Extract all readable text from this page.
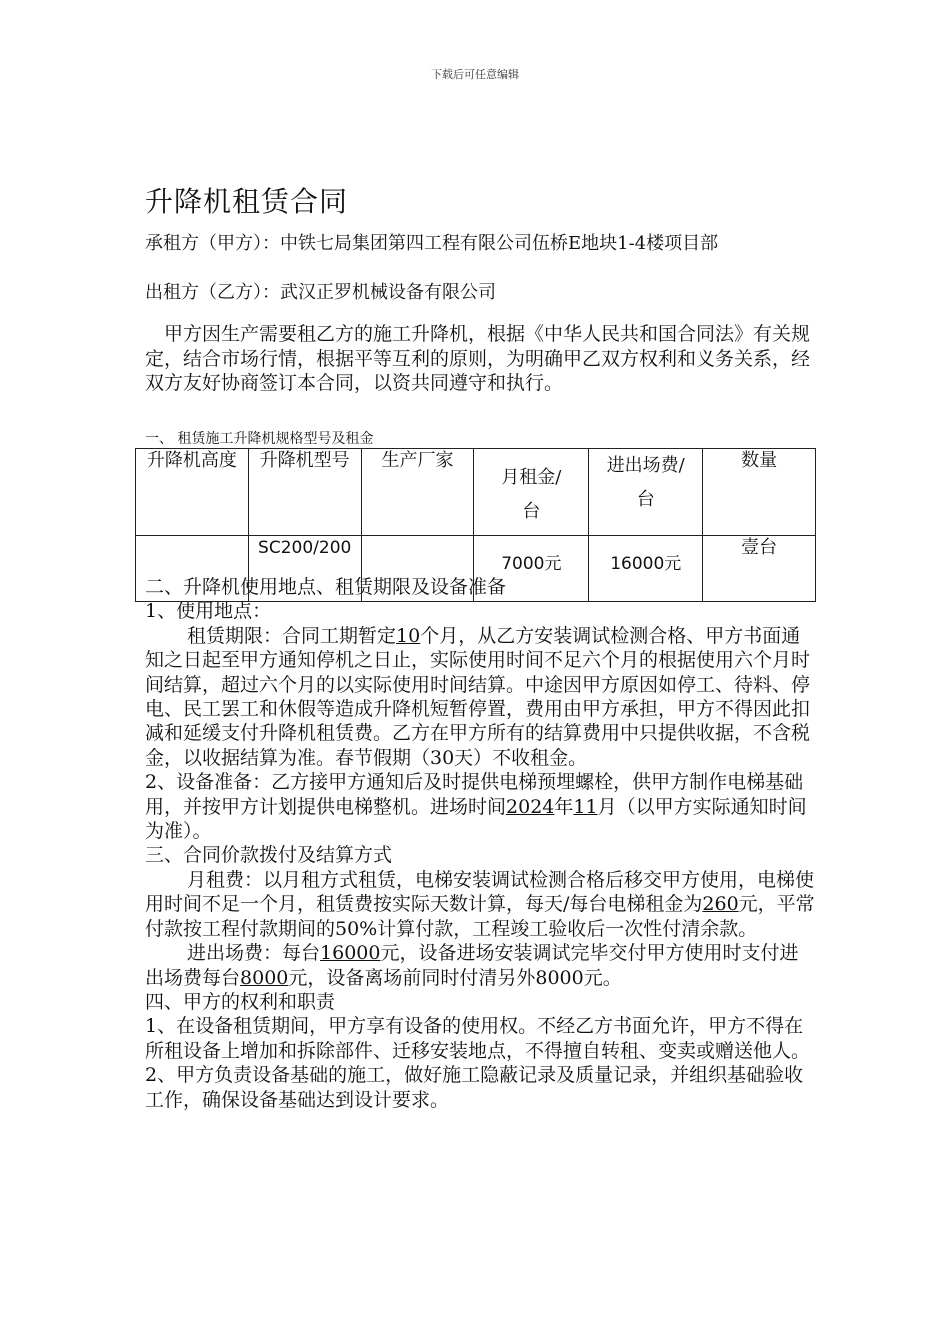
下载后可任意编辑
升降机租赁合同
承租方（甲方）：中铁七局集团第四工程有限公司伍桥E地块1-4楼项目部
出租方（乙方）：武汉正罗机械设备有限公司
甲方因生产需要租乙方的施工升降机，根据《中华人民共和国合同法》有关规定，结合市场行情，根据平等互利的原则，为明确甲乙双方权利和义务关系，经双方友好协商签订本合同，以资共同遵守和执行。
一、 租赁施工升降机规格型号及租金
升降机高度	升降机型号	生产厂家	月租金/台	进出场费/台	数量
	SC200/200		7000元	16000元	壹台

二、升降机使用地点、租赁期限及设备准备

1、使用地点：

租赁期限：合同工期暂定10个月，从乙方安装调试检测合格、甲方书面通知之日起至甲方通知停机之日止，实际使用时间不足六个月的根据使用六个月时间结算，超过六个月的以实际使用时间结算。中途因甲方原因如停工、待料、停电、民工罢工和休假等造成升降机短暂停置，费用由甲方承担，甲方不得因此扣减和延缓支付升降机租赁费。乙方在甲方所有的结算费用中只提供收据，不含税金，以收据结算为准。春节假期（30天）不收租金。

2、设备准备：乙方接甲方通知后及时提供电梯预埋螺栓，供甲方制作电梯基础用，并按甲方计划提供电梯整机。进场时间2024年11月（以甲方实际通知时间为准）。

三、合同价款拨付及结算方式

月租费：以月租方式租赁，电梯安装调试检测合格后移交甲方使用，电梯使用时间不足一个月，租赁费按实际天数计算，每天/每台电梯租金为260元，平常付款按工程付款期间的50%计算付款，工程竣工验收后一次性付清余款。

进出场费：每台16000元，设备进场安装调试完毕交付甲方使用时支付进出场费每台8000元，设备离场前同时付清另外8000元。

四、甲方的权利和职责

1、在设备租赁期间，甲方享有设备的使用权。不经乙方书面允许，甲方不得在所租设备上增加和拆除部件、迁移安装地点，不得擅自转租、变卖或赠送他人。

2、甲方负责设备基础的施工，做好施工隐蔽记录及质量记录，并组织基础验收工作，确保设备基础达到设计要求。
